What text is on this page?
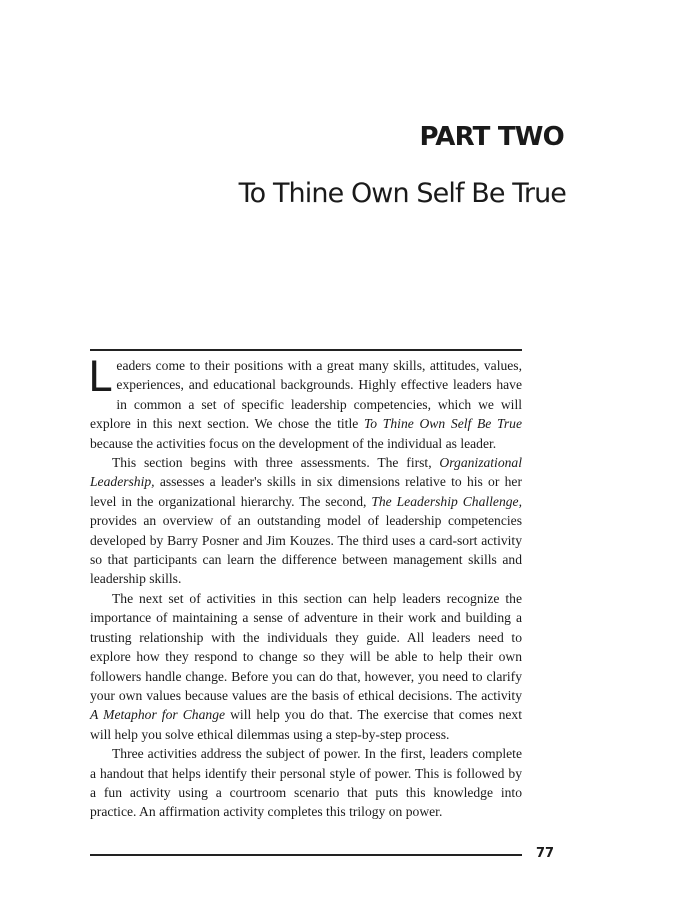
PART TWO
To Thine Own Self Be True

Leaders come to their positions with a great many skills, attitudes, values, experiences, and educational backgrounds. Highly effective leaders have in common a set of specific leadership competencies, which we will explore in this next section. We chose the title To Thine Own Self Be True because the activities focus on the development of the individual as leader.

This section begins with three assessments. The first, Organizational Leadership, assesses a leader's skills in six dimensions relative to his or her level in the organizational hierarchy. The second, The Leadership Challenge, provides an overview of an outstanding model of leadership competencies developed by Barry Posner and Jim Kouzes. The third uses a card-sort activity so that participants can learn the difference between management skills and leadership skills.

The next set of activities in this section can help leaders recognize the importance of maintaining a sense of adventure in their work and building a trusting relationship with the individuals they guide. All leaders need to explore how they respond to change so they will be able to help their own followers handle change. Before you can do that, however, you need to clarify your own values because values are the basis of ethical decisions. The activity A Metaphor for Change will help you do that. The exercise that comes next will help you solve ethical dilemmas using a step-by-step process.

Three activities address the subject of power. In the first, leaders complete a handout that helps identify their personal style of power. This is followed by a fun activity using a courtroom scenario that puts this knowledge into practice. An affirmation activity completes this trilogy on power.

77
